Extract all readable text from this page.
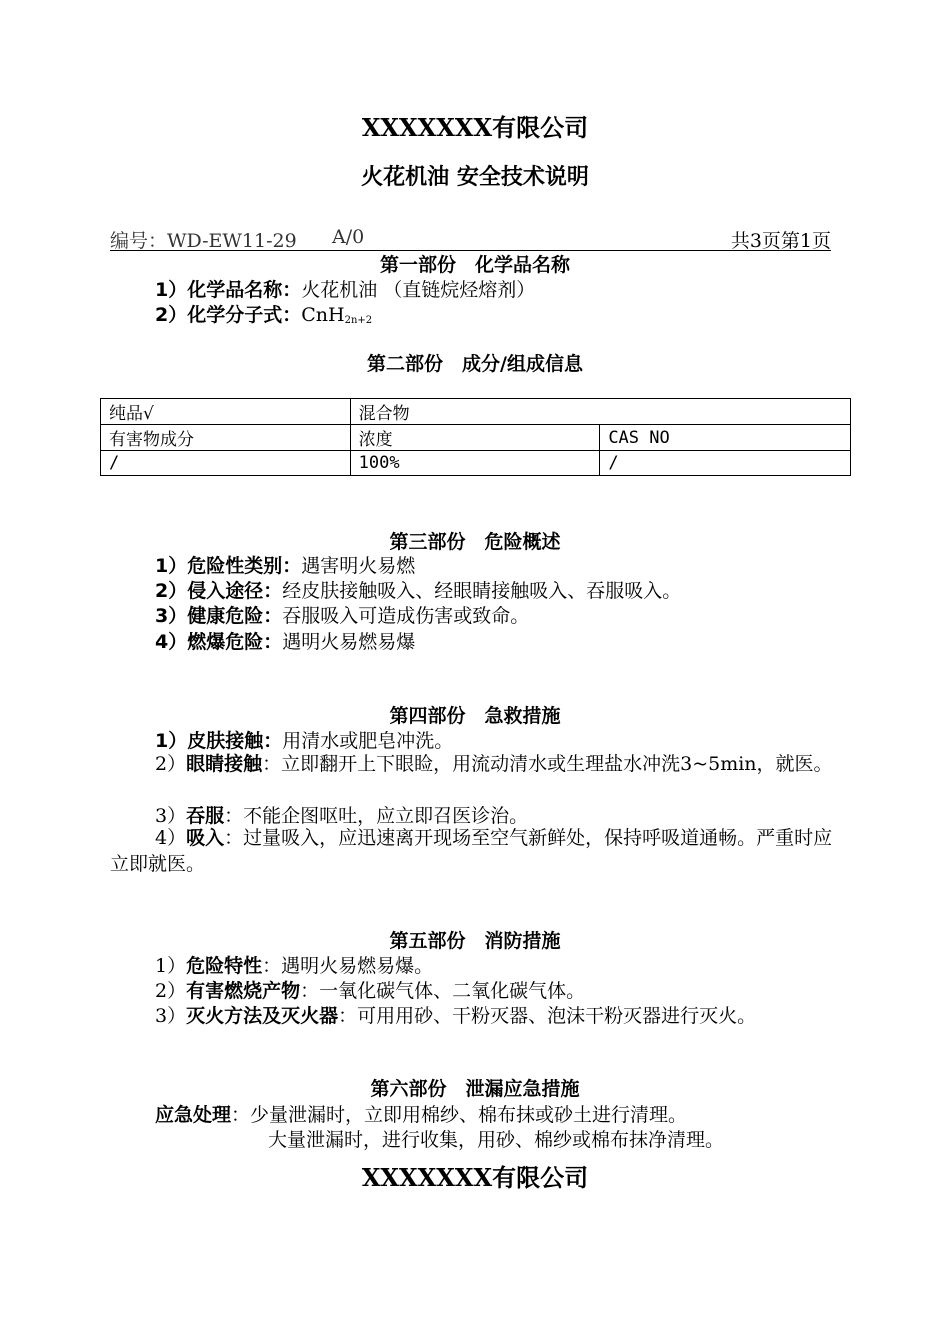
XXXXXXX有限公司
火花机油 安全技术说明
编号：WD-EW11-29 A/0	共3页第1页
第一部份　化学品名称
1）化学品名称：火花机油 （直链烷烃熔剂）
2）化学分子式：CnH$_{2n+2}$
第二部份　成分/组成信息
纯品√	混合物	
有害物成分	浓度	CAS NO
/	100%	/
第三部份　危险概述
1）危险性类别：遇害明火易燃
2）侵入途径：经皮肤接触吸入、经眼睛接触吸入、吞服吸入。
3）健康危险：吞服吸入可造成伤害或致命。
4）燃爆危险：遇明火易燃易爆
第四部份　急救措施
1）皮肤接触：用清水或肥皂冲洗。
2）眼睛接触：立即翻开上下眼睑，用流动清水或生理盐水冲洗3~5min，就医。
3）吞服：不能企图呕吐，应立即召医诊治。
4）吸入：过量吸入，应迅速离开现场至空气新鲜处，保持呼吸道通畅。严重时应立即就医。
第五部份　消防措施
1）危险特性：遇明火易燃易爆。
2）有害燃烧产物：一氧化碳气体、二氧化碳气体。
3）灭火方法及灭火器：可用用砂、干粉灭器、泡沫干粉灭器进行灭火。
第六部份　泄漏应急措施
应急处理：少量泄漏时，立即用棉纱、棉布抹或砂土进行清理。
大量泄漏时，进行收集，用砂、棉纱或棉布抹净清理。
XXXXXXX有限公司
